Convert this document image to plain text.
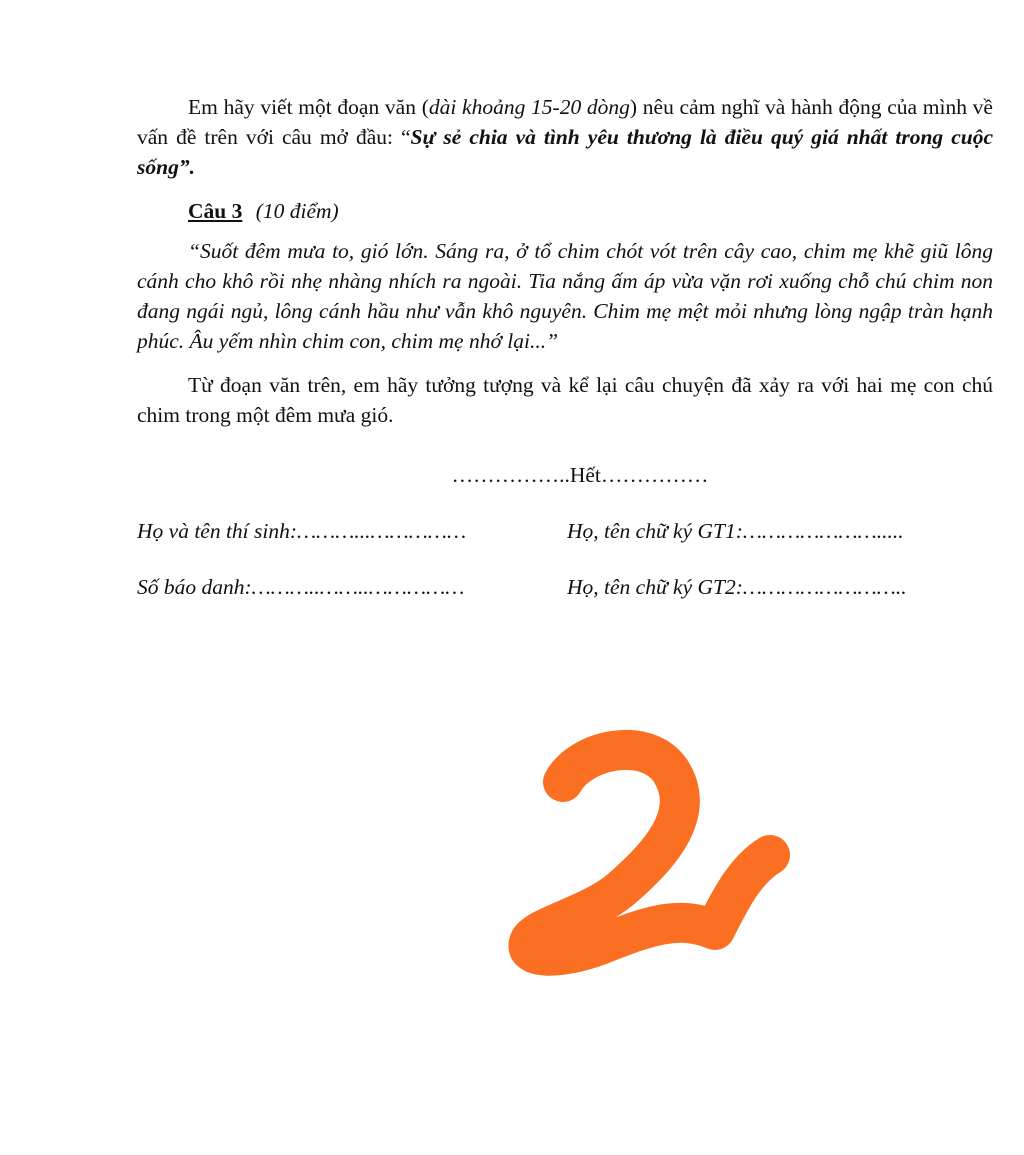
Em hãy viết một đoạn văn (dài khoảng 15-20 dòng) nêu cảm nghĩ và hành động của mình về vấn đề trên với câu mở đầu: “Sự sẻ chia và tình yêu thương là điều quý giá nhất trong cuộc sống”.

Câu 3 (10 điểm)

“Suốt đêm mưa to, gió lớn. Sáng ra, ở tổ chim chót vót trên cây cao, chim mẹ khẽ giũ lông cánh cho khô rồi nhẹ nhàng nhích ra ngoài. Tia nắng ấm áp vừa vặn rơi xuống chỗ chú chim non đang ngái ngủ, lông cánh hầu như vẫn khô nguyên. Chim mẹ mệt mỏi nhưng lòng ngập tràn hạnh phúc. Âu yếm nhìn chim con, chim mẹ nhớ lại...”

Từ đoạn văn trên, em hãy tưởng tượng và kể lại câu chuyện đã xảy ra với hai mẹ con chú chim trong một đêm mưa gió.

……………..Hết……………
Họ và tên thí sinh:………...……………	Họ, tên chữ ký GT1:………………….....
Số báo danh:………..……..……………	Họ, tên chữ ký GT2:……………………..
